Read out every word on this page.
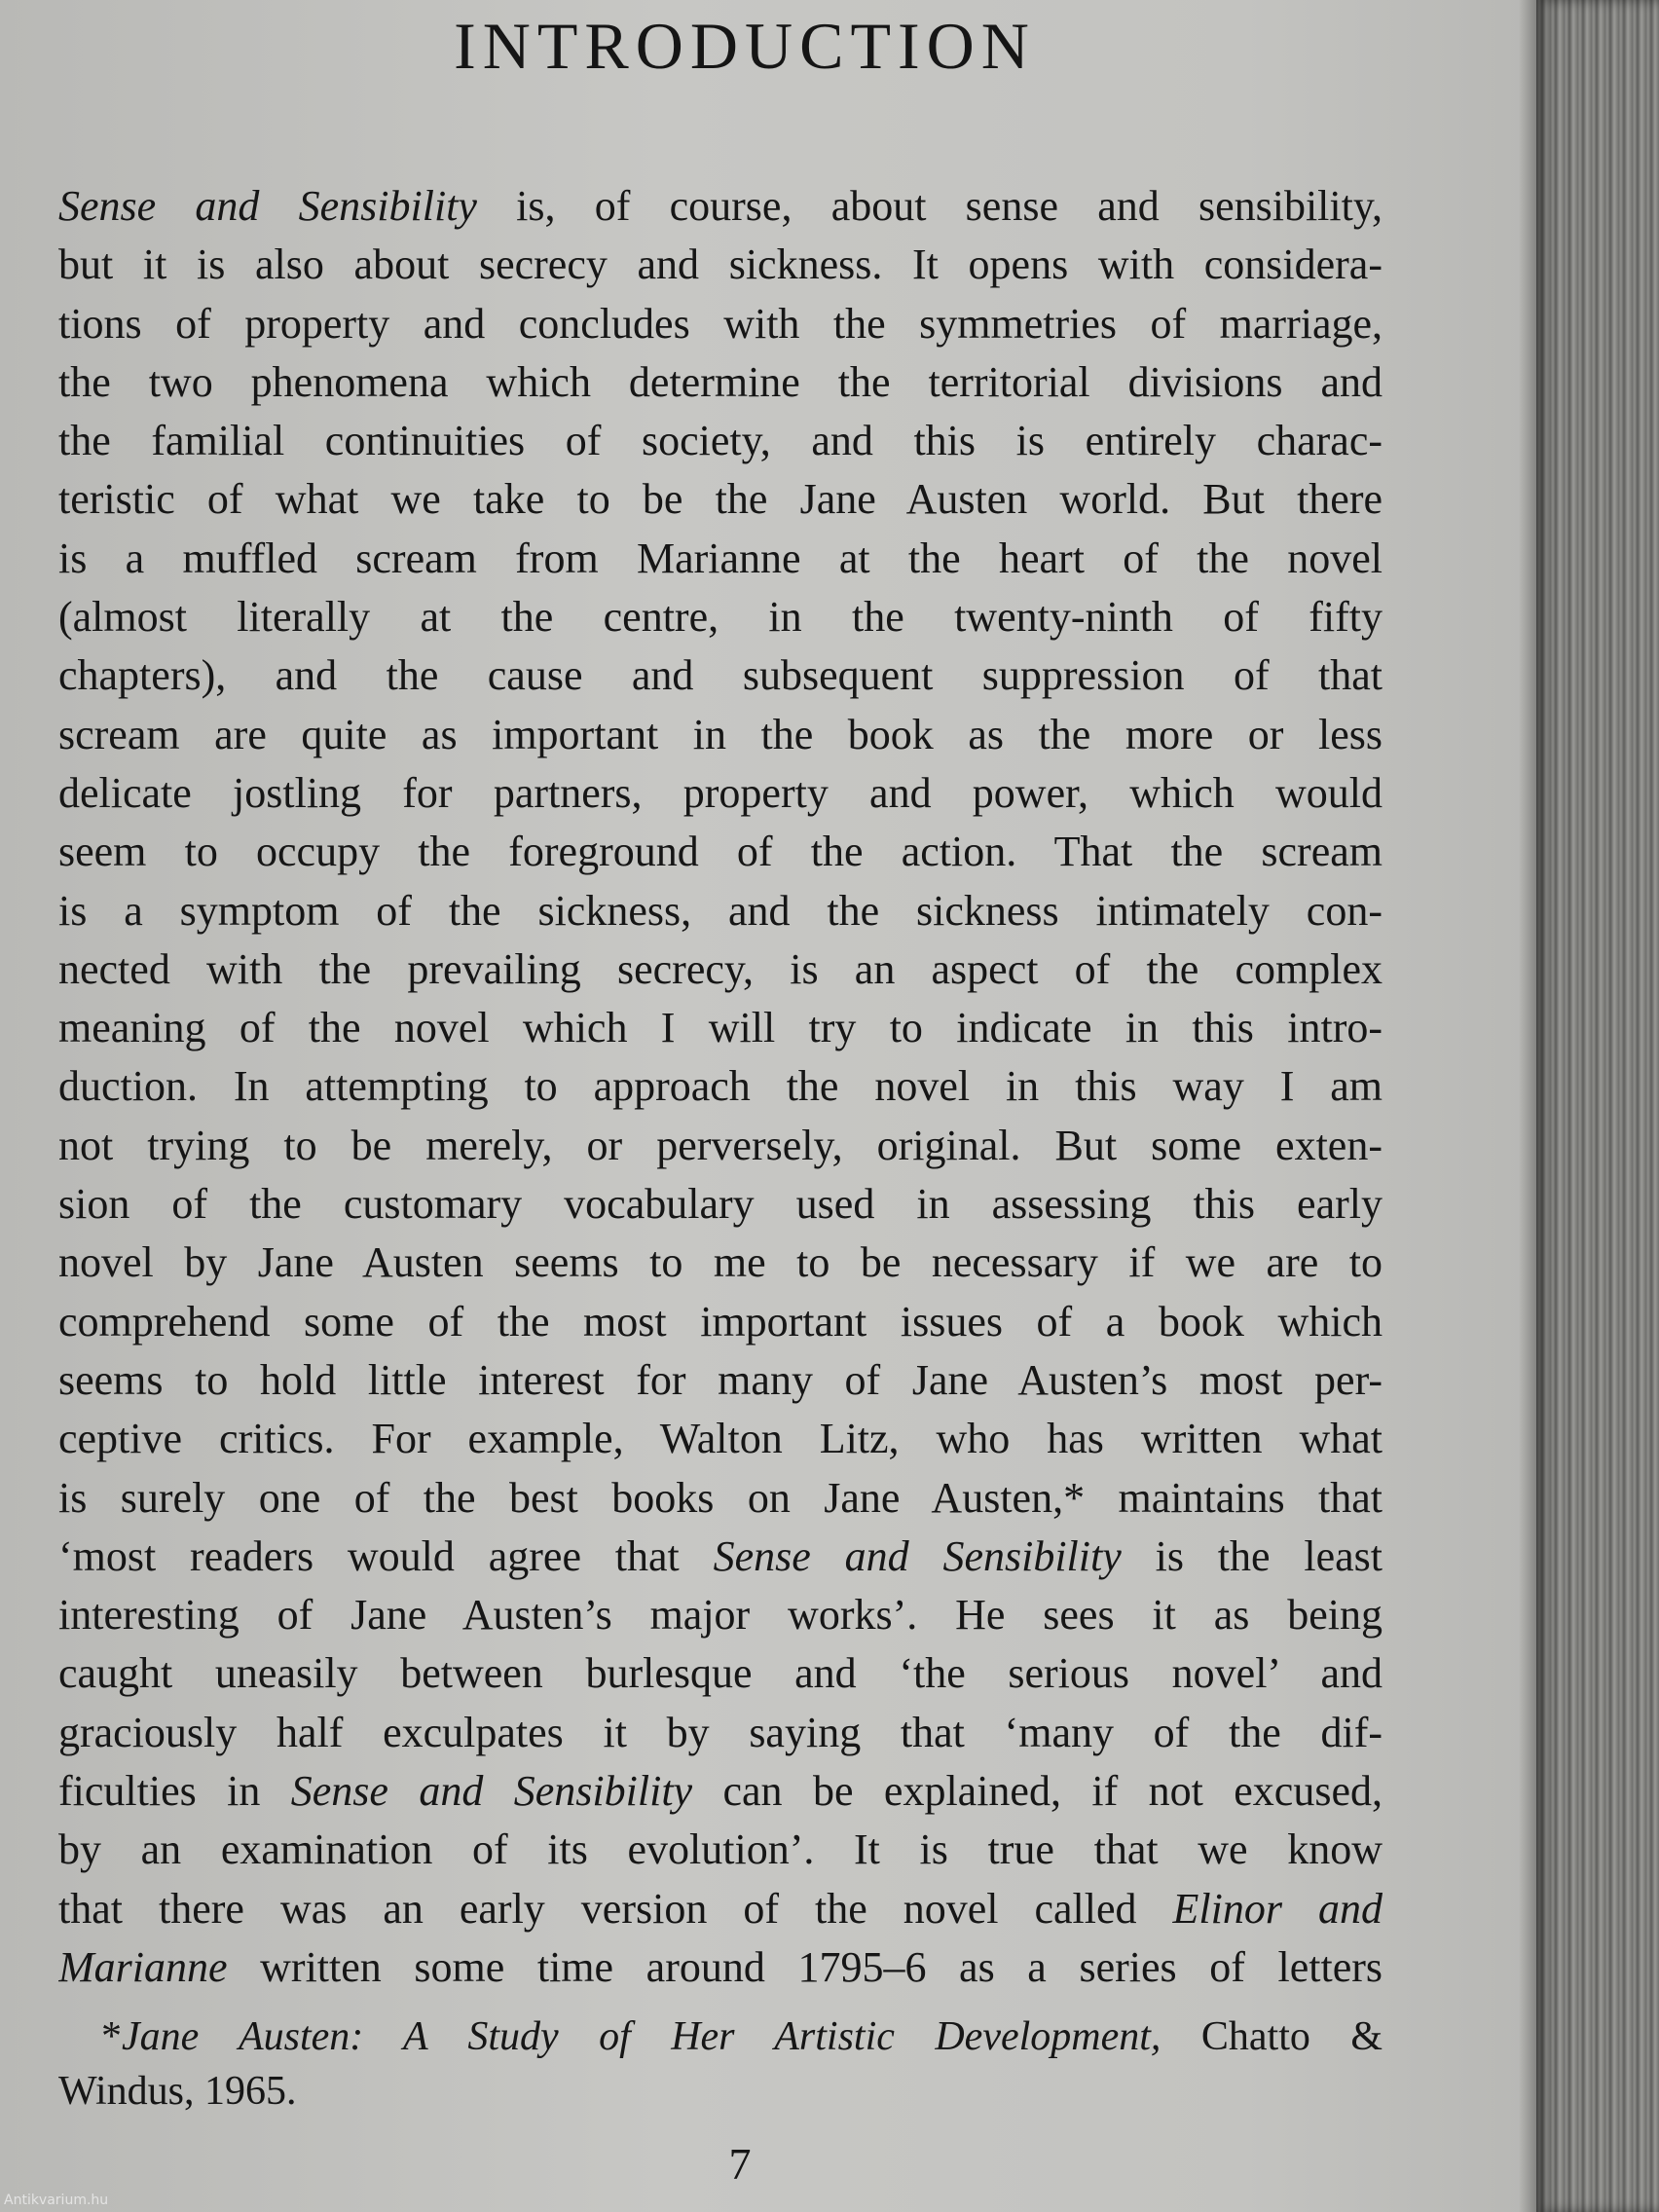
INTRODUCTION
Sense and Sensibility is, of course, about sense and sensibility,
but it is also about secrecy and sickness. It opens with considera-
tions of property and concludes with the symmetries of marriage,
the two phenomena which determine the territorial divisions and
the familial continuities of society, and this is entirely charac-
teristic of what we take to be the Jane Austen world. But there
is a muffled scream from Marianne at the heart of the novel
(almost literally at the centre, in the twenty-ninth of fifty
chapters), and the cause and subsequent suppression of that
scream are quite as important in the book as the more or less
delicate jostling for partners, property and power, which would
seem to occupy the foreground of the action. That the scream
is a symptom of the sickness, and the sickness intimately con-
nected with the prevailing secrecy, is an aspect of the complex
meaning of the novel which I will try to indicate in this intro-
duction. In attempting to approach the novel in this way I am
not trying to be merely, or perversely, original. But some exten-
sion of the customary vocabulary used in assessing this early
novel by Jane Austen seems to me to be necessary if we are to
comprehend some of the most important issues of a book which
seems to hold little interest for many of Jane Austen’s most per-
ceptive critics. For example, Walton Litz, who has written what
is surely one of the best books on Jane Austen,* maintains that
‘most readers would agree that Sense and Sensibility is the least
interesting of Jane Austen’s major works’. He sees it as being
caught uneasily between burlesque and ‘the serious novel’ and
graciously half exculpates it by saying that ‘many of the dif-
ficulties in Sense and Sensibility can be explained, if not excused,
by an examination of its evolution’. It is true that we know
that there was an early version of the novel called Elinor and
Marianne written some time around 1795–6 as a series of letters
*Jane Austen: A Study of Her Artistic Development, Chatto &
Windus, 1965.
7
Antikvarium.hu
